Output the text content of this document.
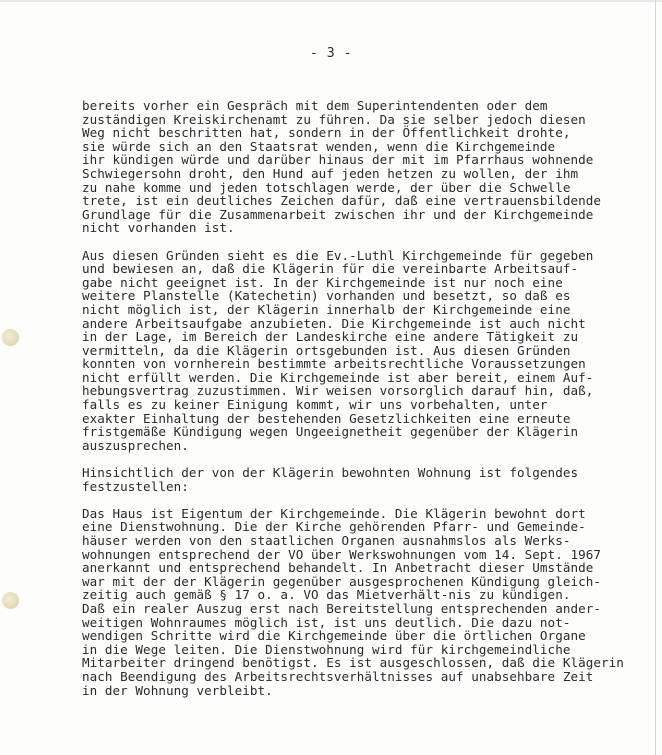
- 3 -
bereits vorher ein Gespräch mit dem Superintendenten oder dem
zuständigen Kreiskirchenamt zu führen. Da sie selber jedoch diesen
Weg nicht beschritten hat, sondern in der Öffentlichkeit drohte,
sie würde sich an den Staatsrat wenden, wenn die Kirchgemeinde
ihr kündigen würde und darüber hinaus der mit im Pfarrhaus wohnende
Schwiegersohn droht, den Hund auf jeden hetzen zu wollen, der ihm
zu nahe komme und jeden totschlagen werde, der über die Schwelle
trete, ist ein deutliches Zeichen dafür, daß eine vertrauensbildende
Grundlage für die Zusammenarbeit zwischen ihr und der Kirchgemeinde
nicht vorhanden ist.
Aus diesen Gründen sieht es die Ev.-Luthl Kirchgemeinde für gegeben
und bewiesen an, daß die Klägerin für die vereinbarte Arbeitsauf-
gabe nicht geeignet ist. In der Kirchgemeinde ist nur noch eine
weitere Planstelle (Katechetin) vorhanden und besetzt, so daß es
nicht möglich ist, der Klägerin innerhalb der Kirchgemeinde eine
andere Arbeitsaufgabe anzubieten. Die Kirchgemeinde ist auch nicht
in der Lage, im Bereich der Landeskirche eine andere Tätigkeit zu
vermitteln, da die Klägerin ortsgebunden ist. Aus diesen Gründen
konnten von vornherein bestimmte arbeitsrechtliche Voraussetzungen
nicht erfüllt werden. Die Kirchgemeinde ist aber bereit, einem Auf-
hebungsvertrag zuzustimmen. Wir weisen vorsorglich darauf hin, daß,
falls es zu keiner Einigung kommt, wir uns vorbehalten, unter
exakter Einhaltung der bestehenden Gesetzlichkeiten eine erneute
fristgemäße Kündigung wegen Ungeeignetheit gegenüber der Klägerin
auszusprechen.
Hinsichtlich der von der Klägerin bewohnten Wohnung ist folgendes
festzustellen:
Das Haus ist Eigentum der Kirchgemeinde. Die Klägerin bewohnt dort
eine Dienstwohnung. Die der Kirche gehörenden Pfarr- und Gemeinde-
häuser werden von den staatlichen Organen ausnahmslos als Werks-
wohnungen entsprechend der VO über Werkswohnungen vom 14. Sept. 1967
anerkannt und entsprechend behandelt. In Anbetracht dieser Umstände
war mit der der Klägerin gegenüber ausgesprochenen Kündigung gleich-
zeitig auch gemäß § 17 o. a. VO das Mietverhält-nis zu kündigen.
Daß ein realer Auszug erst nach Bereitstellung entsprechenden ander-
weitigen Wohnraumes möglich ist, ist uns deutlich. Die dazu not-
wendigen Schritte wird die Kirchgemeinde über die örtlichen Organe
in die Wege leiten. Die Dienstwohnung wird für kirchgemeindliche
Mitarbeiter dringend benötigst. Es ist ausgeschlossen, daß die Klägerin
nach Beendigung des Arbeitsrechtsverhältnisses auf unabsehbare Zeit
in der Wohnung verbleibt.
